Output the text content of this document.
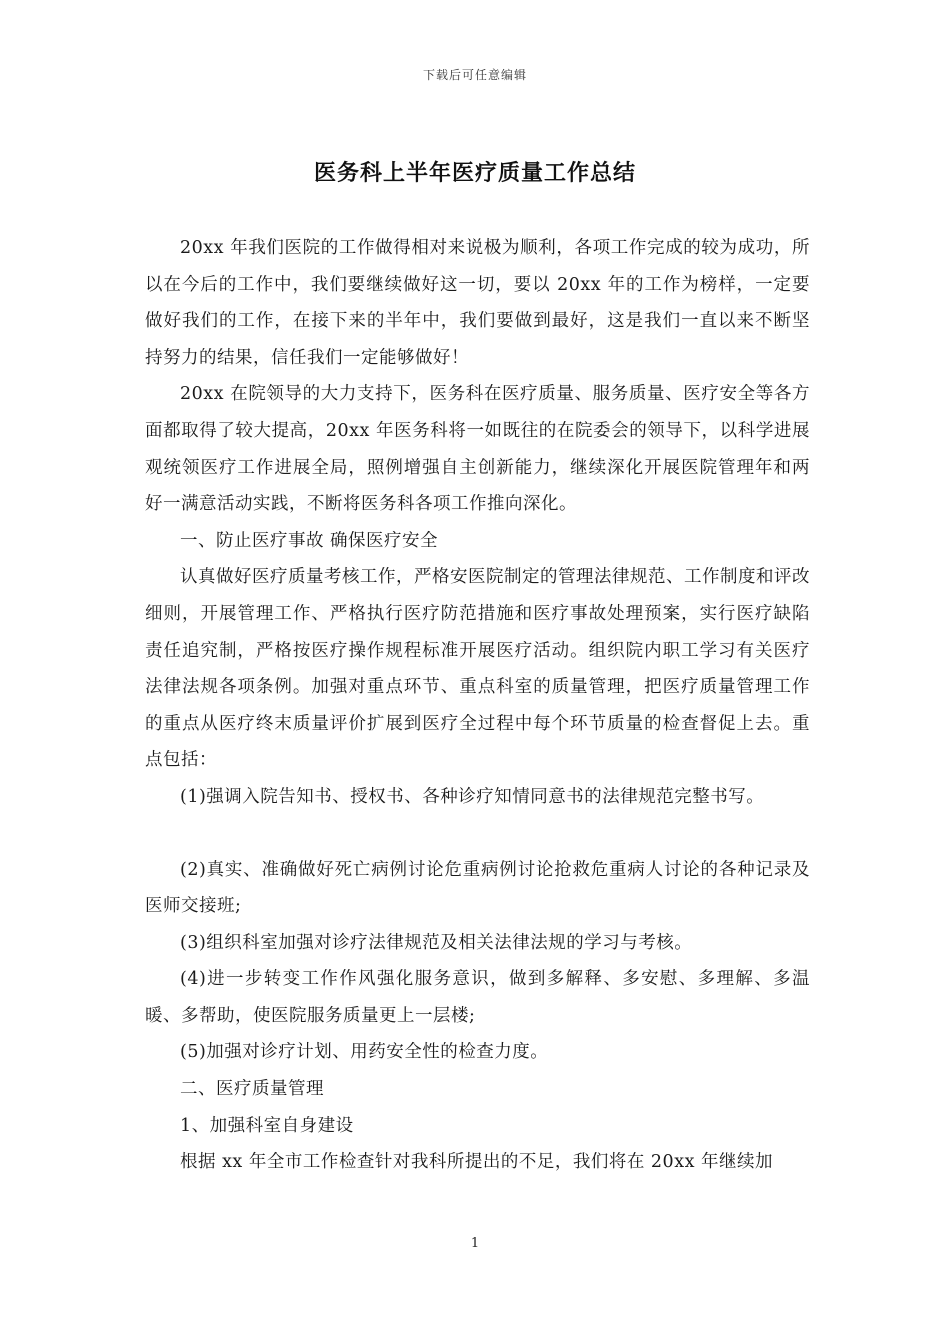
下载后可任意编辑
医务科上半年医疗质量工作总结

20xx 年我们医院的工作做得相对来说极为顺利，各项工作完成的较为成功，所以在今后的工作中，我们要继续做好这一切，要以 20xx 年的工作为榜样，一定要做好我们的工作，在接下来的半年中，我们要做到最好，这是我们一直以来不断坚持努力的结果，信任我们一定能够做好！

20xx 在院领导的大力支持下，医务科在医疗质量、服务质量、医疗安全等各方面都取得了较大提高，20xx 年医务科将一如既往的在院委会的领导下，以科学进展观统领医疗工作进展全局，照例增强自主创新能力，继续深化开展医院管理年和两好一满意活动实践，不断将医务科各项工作推向深化。

一、防止医疗事故 确保医疗安全

认真做好医疗质量考核工作，严格安医院制定的管理法律规范、工作制度和评改细则，开展管理工作、严格执行医疗防范措施和医疗事故处理预案，实行医疗缺陷责任追究制，严格按医疗操作规程标准开展医疗活动。组织院内职工学习有关医疗法律法规各项条例。加强对重点环节、重点科室的质量管理，把医疗质量管理工作的重点从医疗终末质量评价扩展到医疗全过程中每个环节质量的检查督促上去。重点包括：

(1)强调入院告知书、授权书、各种诊疗知情同意书的法律规范完整书写。

(2)真实、准确做好死亡病例讨论危重病例讨论抢救危重病人讨论的各种记录及医师交接班;

(3)组织科室加强对诊疗法律规范及相关法律法规的学习与考核。

(4)进一步转变工作作风强化服务意识，做到多解释、多安慰、多理解、多温暖、多帮助，使医院服务质量更上一层楼;

(5)加强对诊疗计划、用药安全性的检查力度。

二、医疗质量管理

1、加强科室自身建设

根据 xx 年全市工作检查针对我科所提出的不足，我们将在 20xx 年继续加

1
